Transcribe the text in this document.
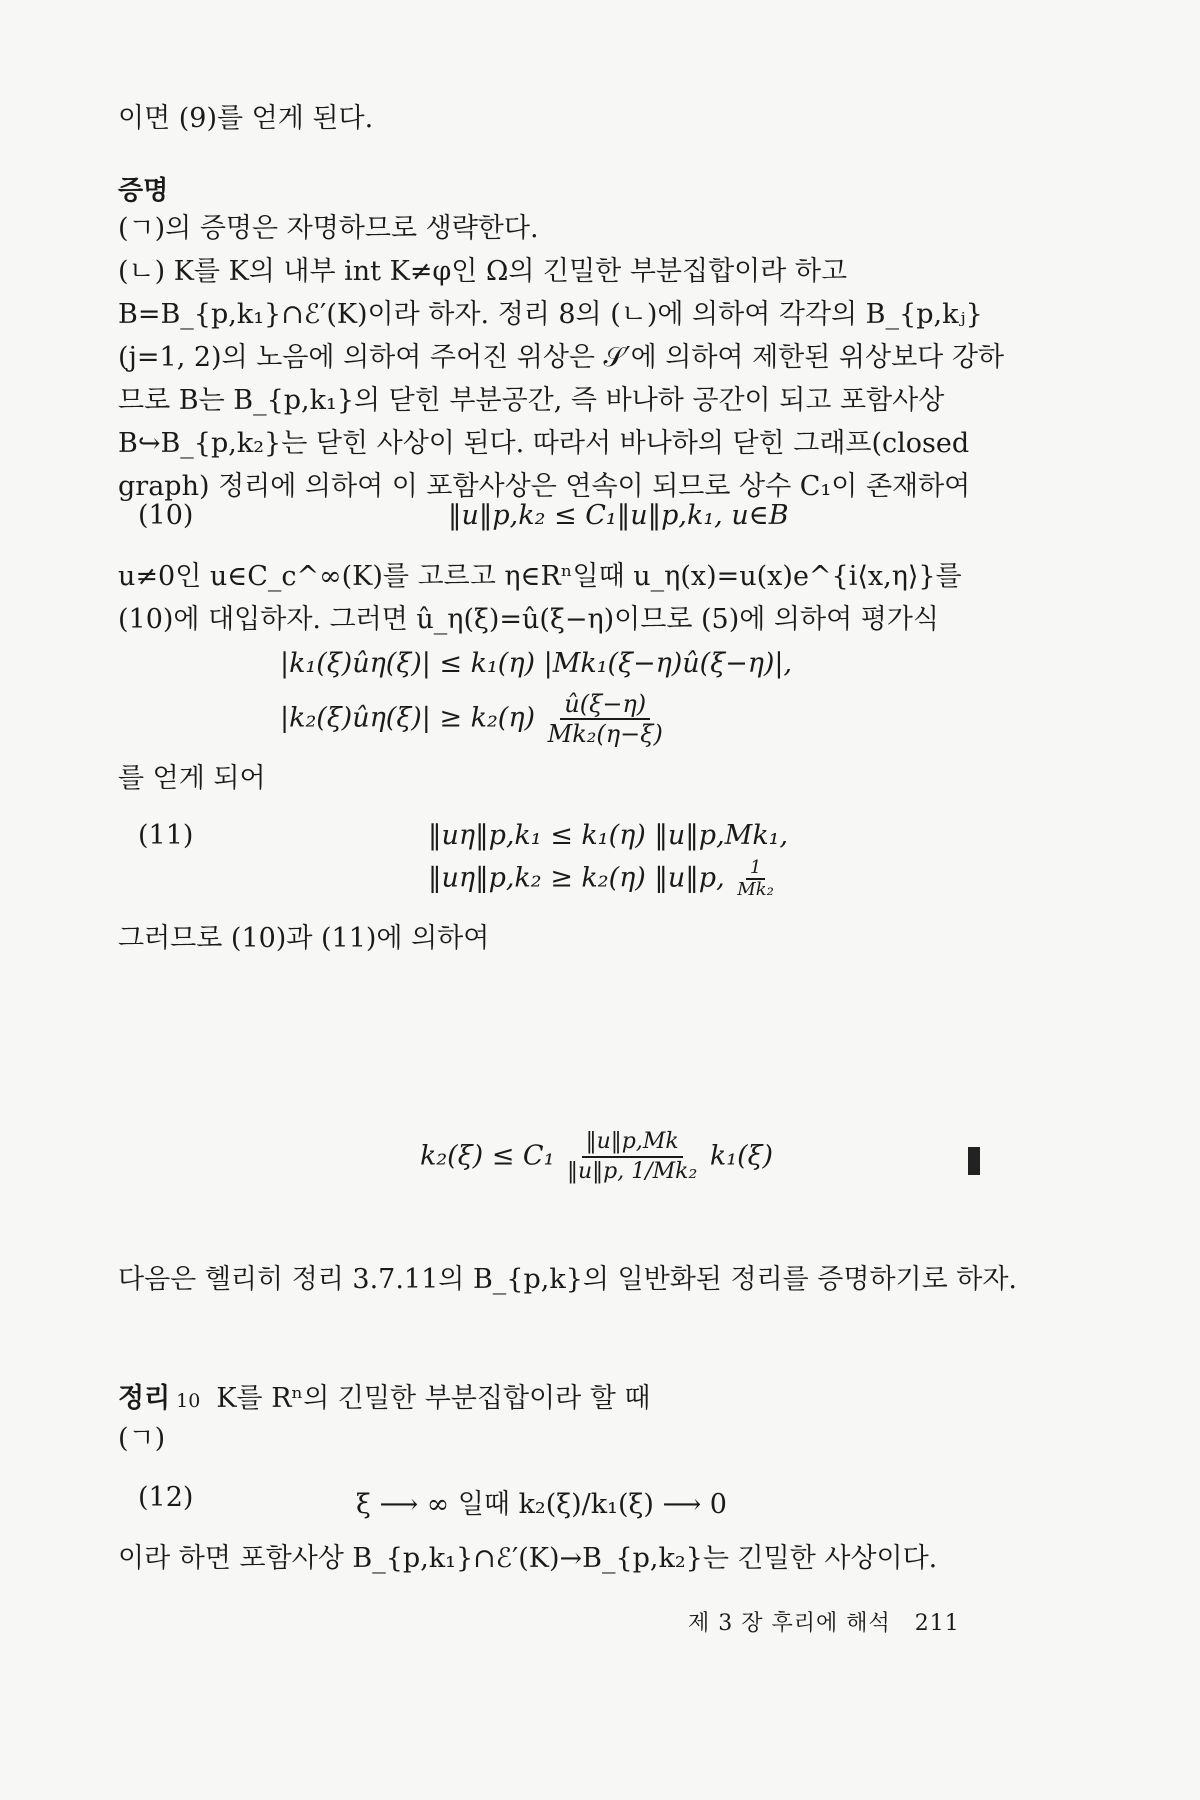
이면 (9)를 얻게 된다.
증명
(ㄱ)의 증명은 자명하므로 생략한다.
(ㄴ) K를 K의 내부 int K≠φ인 Ω의 긴밀한 부분집합이라 하고 B=B_{p,k₁}∩ℰ′(K)이라 하자. 정리 8의 (ㄴ)에 의하여 각각의 B_{p,kⱼ}(j=1, 2)의 노음에 의하여 주어진 위상은 𝒮′에 의하여 제한된 위상보다 강하므로 B는 B_{p,k₁}의 닫힌 부분공간, 즉 바나하 공간이 되고 포함사상 B↪B_{p,k₂}는 닫힌 사상이 된다. 따라서 바나하의 닫힌 그래프(closed graph) 정리에 의하여 이 포함사상은 연속이 되므로 상수 C₁이 존재하여
(10)	‖u‖p,k₂ ≤ C₁‖u‖p,k₁, u∈B
u≠0인 u∈C_c^∞(K)를 고르고 η∈Rⁿ일때 u_η(x)=u(x)e^{i⟨x,η⟩}를 (10)에 대입하자. 그러면 û_η(ξ)=û(ξ−η)이므로 (5)에 의하여 평가식
|k₁(ξ)ûη(ξ)| ≤ k₁(η) |Mk₁(ξ−η)û(ξ−η)|,
|k₂(ξ)ûη(ξ)| ≥ $k_2(\eta) \frac{û(\xi-\eta)}{\text{Mk₂(η−ξ)}}$
를 얻게 되어
(11)	‖uη‖p,k₁ ≤ k₁(η) ‖u‖p,Mk₁,
‖uη‖p,k₂ ≥ k₂(η) ‖u‖p, $\frac{1}{\text{Mk₂}}$
그러므로 (10)과 (11)에 의하여
$k_2(\xi) \le C_1 \frac{‖u‖p,Mk}{\text{‖u‖p, 1/Mk₂}} k_1(\xi)$
다음은 헬리히 정리 3.7.11의 B_{p,k}의 일반화된 정리를 증명하기로 하자.
정리 10 K를 Rⁿ의 긴밀한 부분집합이라 할 때
(ㄱ)
(12)	ξ ⟶ ∞ 일때 k₂(ξ)/k₁(ξ) ⟶ 0
이라 하면 포함사상 B_{p,k₁}∩ℰ′(K)→B_{p,k₂}는 긴밀한 사상이다.
제 3 장 후리에 해석 211
